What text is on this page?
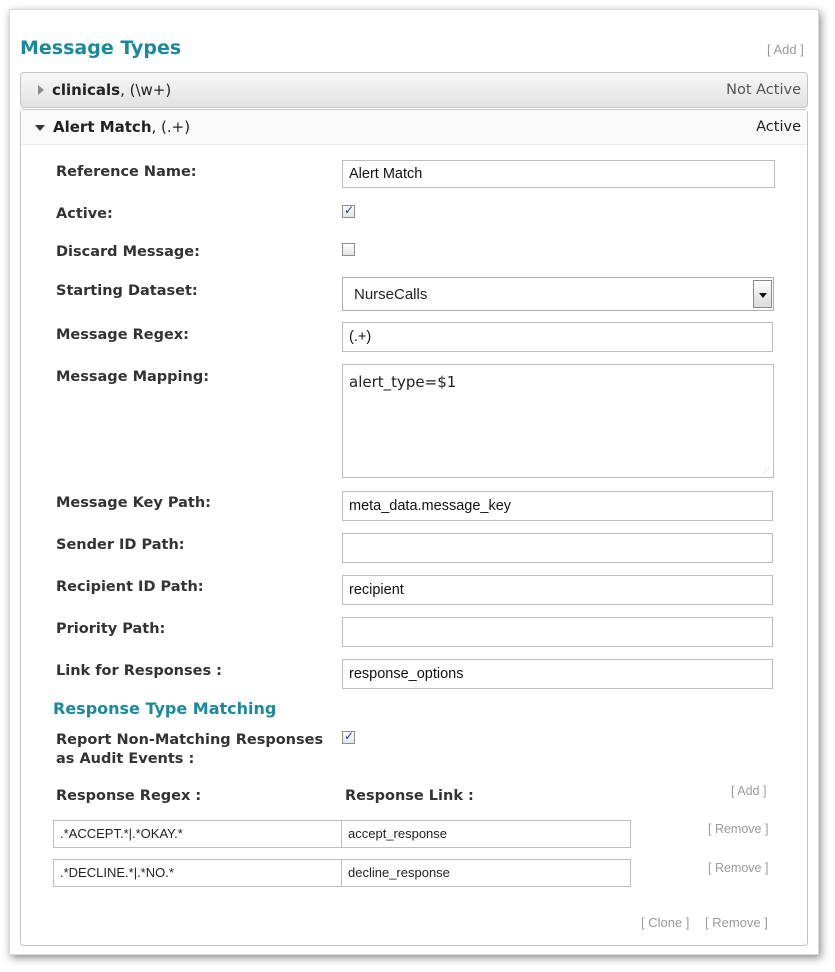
Message Types	[ Add ]
clinicals, (\w+)	Not Active
Alert Match, (.+)	Active
Reference Name:	Alert Match
Active:	✓
Discard Message:
Starting Dataset:	NurseCalls
Message Regex:	(.+)
Message Mapping:	alert_type=$1
⋰
Message Key Path:	meta_data.message_key
Sender ID Path:
Recipient ID Path:	recipient
Priority Path:
Link for Responses :	response_options
Response Type Matching
Report Non-Matching Responses
as Audit Events :
✓
Response Regex :	Response Link :	[ Add ]
.*ACCEPT.*|.*OKAY.*	accept_response	[ Remove ]
.*DECLINE.*|.*NO.*	decline_response	[ Remove ]
[ Clone ] [ Remove ]
